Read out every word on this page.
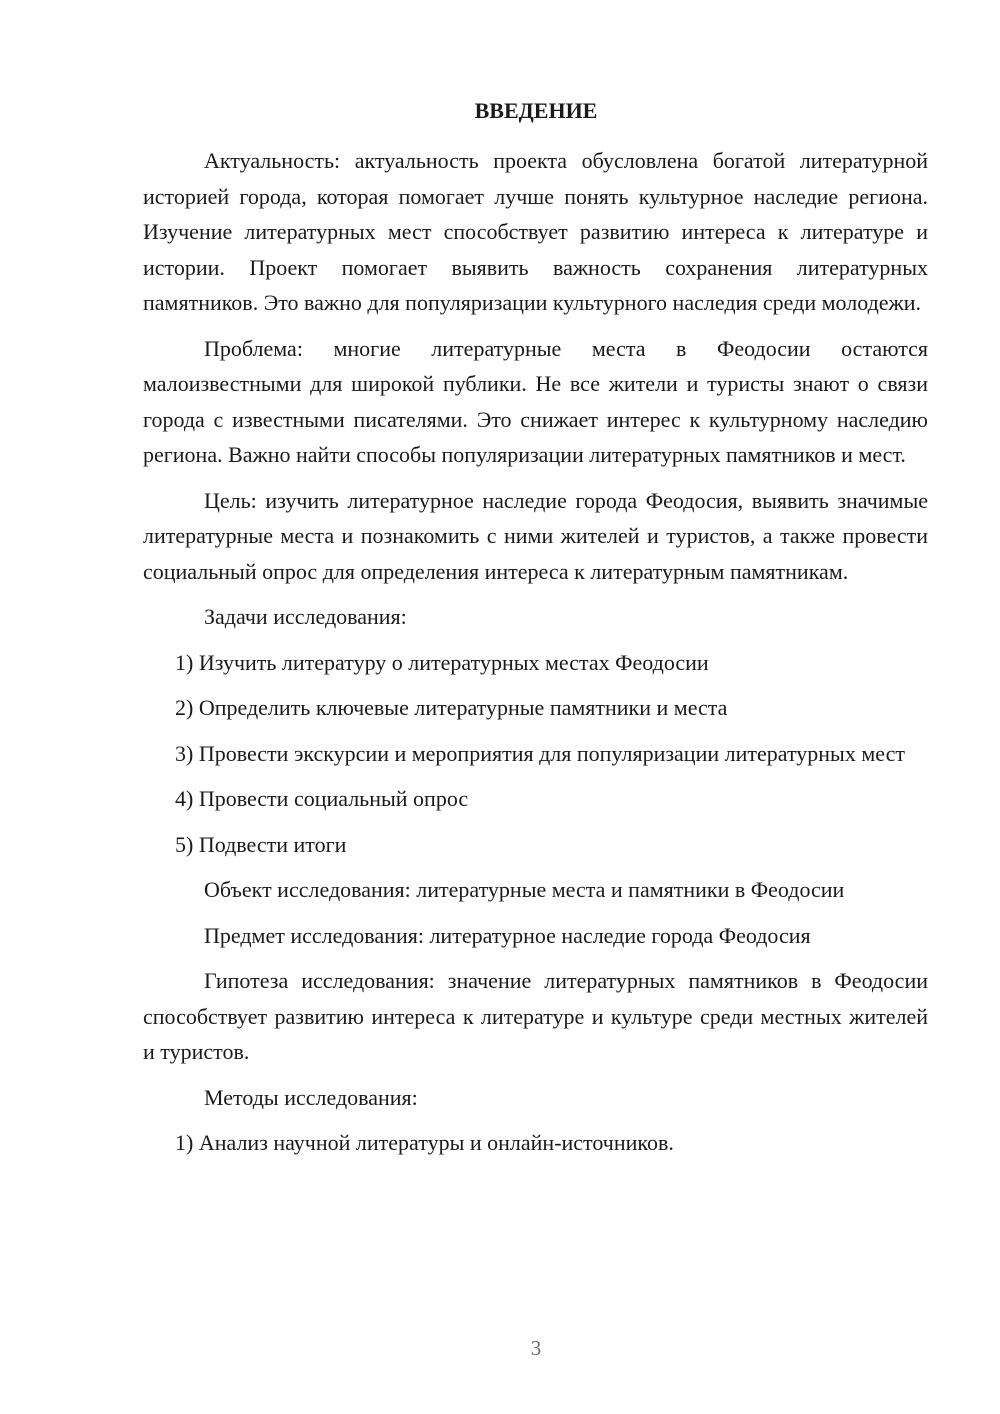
ВВЕДЕНИЕ

Актуальность: актуальность проекта обусловлена богатой литературной историей города, которая помогает лучше понять культурное наследие региона. Изучение литературных мест способствует развитию интереса к литературе и истории. Проект помогает выявить важность сохранения литературных памятников. Это важно для популяризации культурного наследия среди молодежи.

Проблема: многие литературные места в Феодосии остаются малоизвестными для широкой публики. Не все жители и туристы знают о связи города с известными писателями. Это снижает интерес к культурному наследию региона. Важно найти способы популяризации литературных памятников и мест.

Цель: изучить литературное наследие города Феодосия, выявить значимые литературные места и познакомить с ними жителей и туристов, а также провести социальный опрос для определения интереса к литературным памятникам.

Задачи исследования:

1) Изучить литературу о литературных местах Феодосии

2) Определить ключевые литературные памятники и места

3) Провести экскурсии и мероприятия для популяризации литературных мест

4) Провести социальный опрос

5) Подвести итоги

Объект исследования: литературные места и памятники в Феодосии

Предмет исследования: литературное наследие города Феодосия

Гипотеза исследования: значение литературных памятников в Феодосии способствует развитию интереса к литературе и культуре среди местных жителей и туристов.

Методы исследования:

1) Анализ научной литературы и онлайн-источников.

3
